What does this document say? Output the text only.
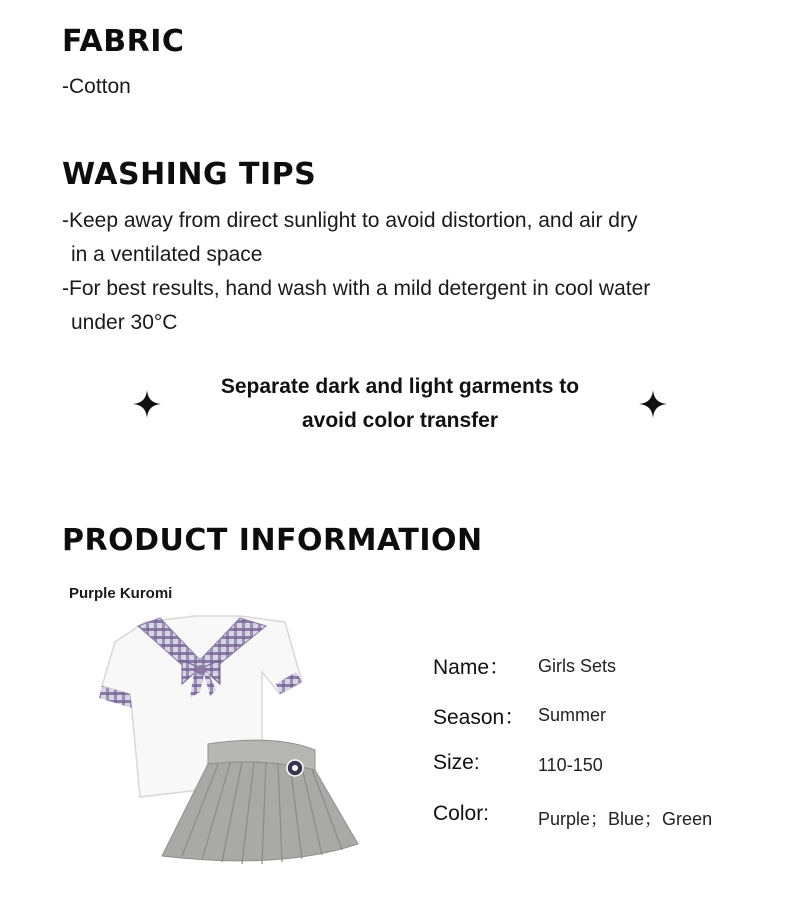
FABRIC
-Cotton
WASHING TIPS
-Keep away from direct sunlight to avoid distortion, and air dry
in a ventilated space
-For best results, hand wash with a mild detergent in cool water
under 30°C
Separate dark and light garments to
avoid color transfer
PRODUCT INFORMATION
Purple Kuromi
Name： Girls Sets
Season： Summer
Size:	110-150
Color:	Purple；Blue；Green
